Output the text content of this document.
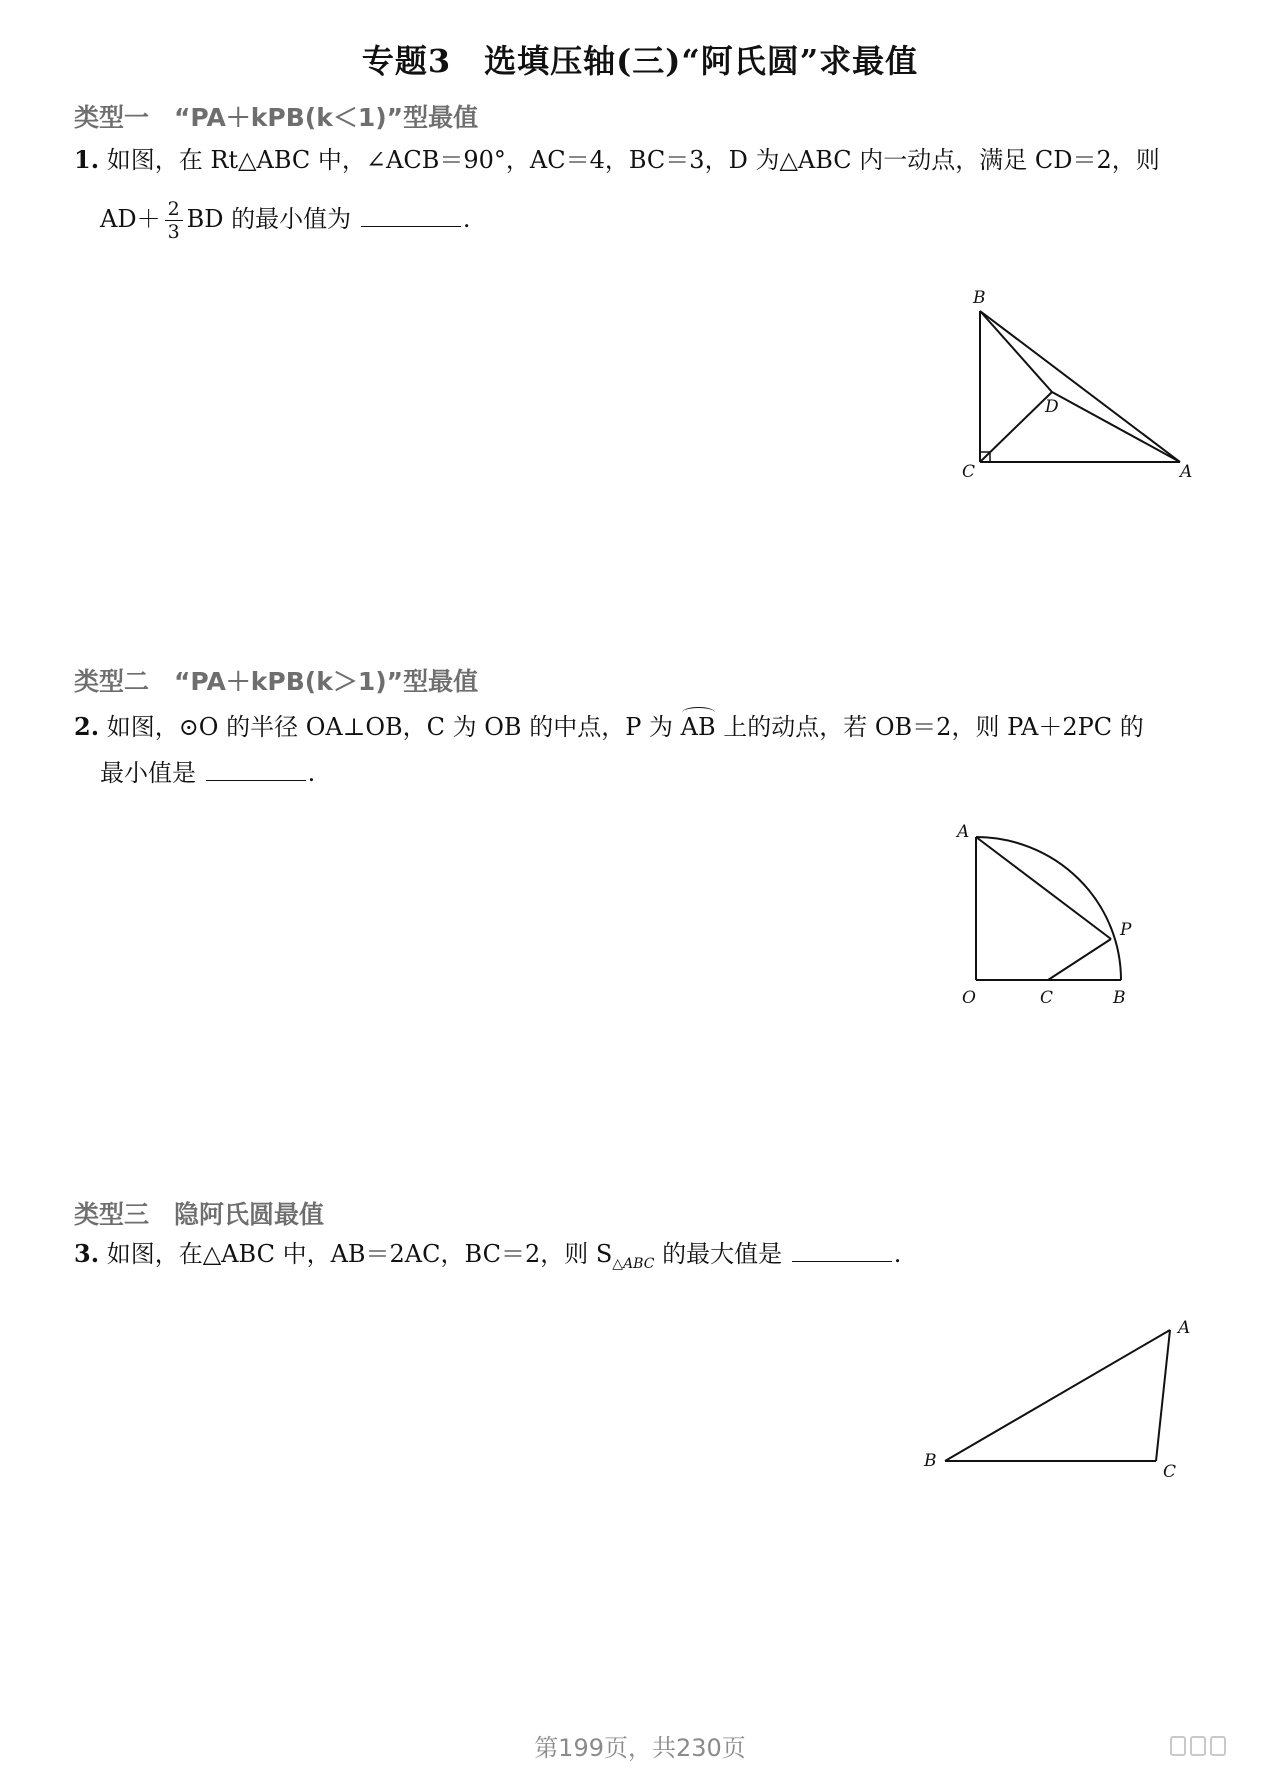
专题3　选填压轴(三)“阿氏圆”求最值
类型一　“PA＋kPB(k＜1)”型最值
1. 如图，在 Rt△ABC 中，∠ACB＝90°，AC＝4，BC＝3，D 为△ABC 内一动点，满足 CD＝2，则
$AD+ \frac{2}{3}$ BD 的最小值为	.
B
C	A
D
类型二　“PA＋kPB(k＞1)”型最值
2. 如图，⊙O 的半径 OA⊥OB，C 为 OB 的中点，P 为 AB 上的动点，若 OB＝2，则 PA＋2PC 的
最小值是	.
A
O	C	B
P
类型三　隐阿氏圆最值
3. 如图，在△ABC 中，AB＝2AC，BC＝2，则 $S_{\triangle ABC}$ 的最大值是	.
A
B
C
第199页，共230页
